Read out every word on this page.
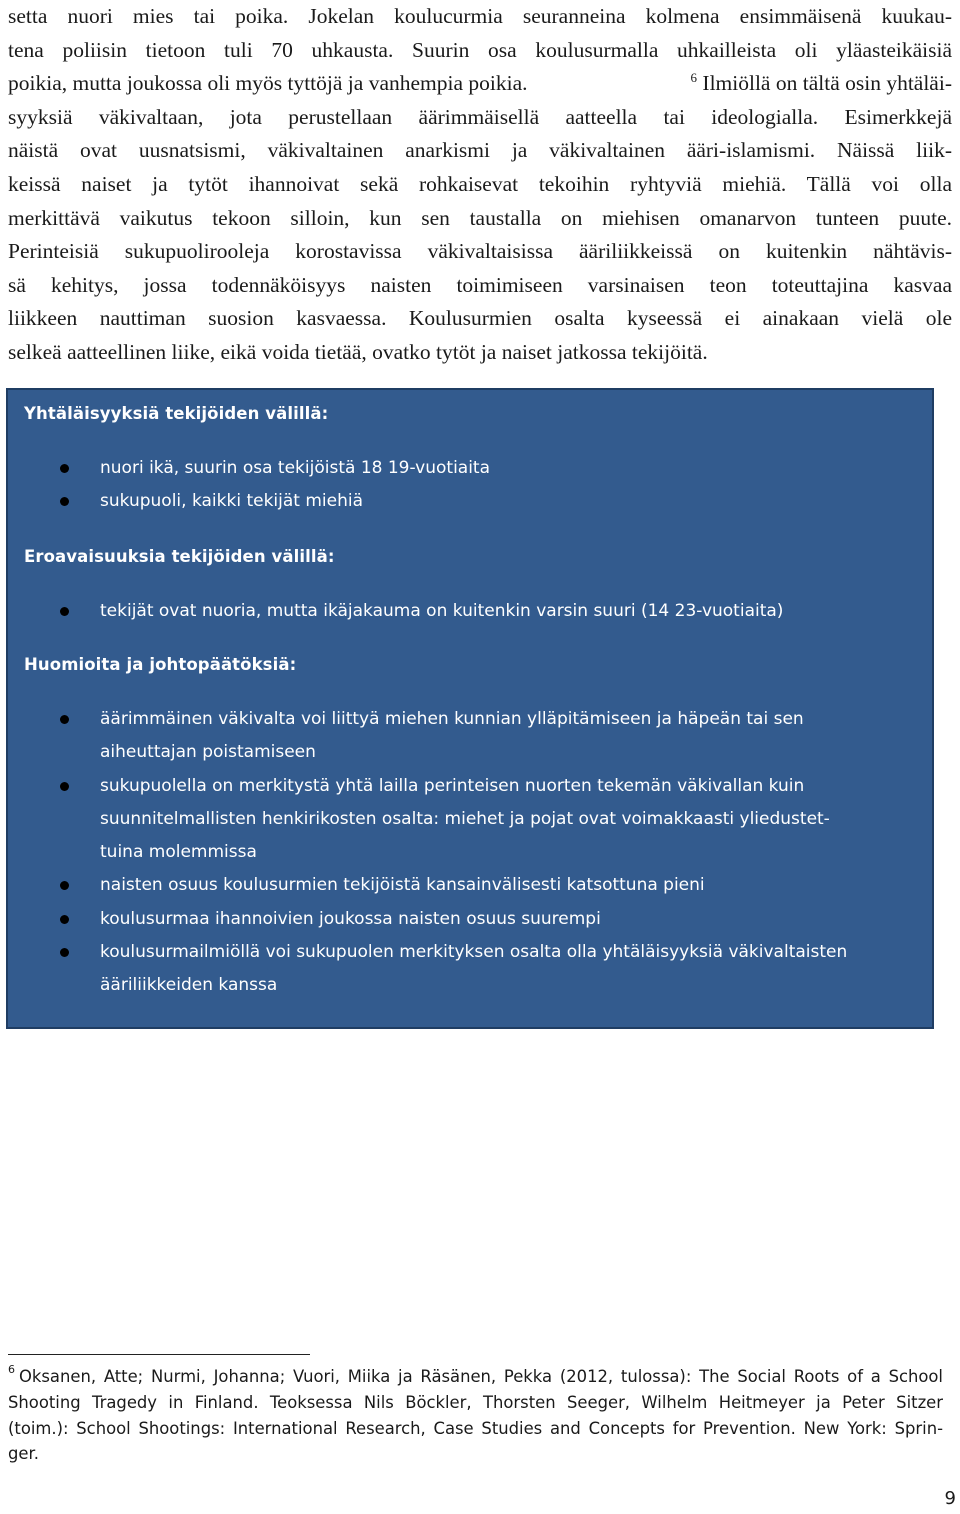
setta nuori mies tai poika. Jokelan kouluсurmia seuranneina kolmena ensimmäisenä kuukau-
tena poliisin tietoon tuli 70 uhkausta. Suurin osa koulusurmalla uhkailleista oli yläasteikäisiä
poikia, mutta joukossa oli myös tyttöjä ja vanhempia poikia.	$^6$ Ilmiöllä on tältä osin yhtäläi-
syyksiä väkivaltaan, jota perustellaan äärimmäisellä aatteella tai ideologialla. Esimerkkejä
näistä ovat uusnatsismi, väkivaltainen anarkismi ja väkivaltainen ääri-islamismi. Näissä liik-
keissä naiset ja tytöt ihannoivat sekä rohkaisevat tekoihin ryhtyviä miehiä. Tällä voi olla
merkittävä vaikutus tekoon silloin, kun sen taustalla on miehisen omanarvon tunteen puute.
Perinteisiä sukupuolirooleja korostavissa väkivaltaisissa ääriliikkeissä on kuitenkin nähtävis-
sä kehitys, jossa todennäköisyys naisten toimimiseen varsinaisen teon toteuttajina kasvaa
liikkeen nauttiman suosion kasvaessa. Koulusurmien osalta kyseessä ei ainakaan vielä ole
selkeä aatteellinen liike, eikä voida tietää, ovatko tytöt ja naiset jatkossa tekijöitä.

Yhtäläisyyksiä tekijöiden välillä:

nuori ikä, suurin osa tekijöistä 18 19-vuotiaita
sukupuoli, kaikki tekijät miehiä

Eroavaisuuksia tekijöiden välillä:

tekijät ovat nuoria, mutta ikäjakauma on kuitenkin varsin suuri (14 23-vuotiaita)

Huomioita ja johtopäätöksiä:

äärimmäinen väkivalta voi liittyä miehen kunnian ylläpitämiseen ja häpeän tai sen
aiheuttajan poistamiseen
sukupuolella on merkitystä yhtä lailla perinteisen nuorten tekemän väkivallan kuin
suunnitelmallisten henkirikosten osalta: miehet ja pojat ovat voimakkaasti yliedustet-
tuina molemmissa
naisten osuus koulusurmien tekijöistä kansainvälisesti katsottuna pieni
koulusurmaa ihannoivien joukossa naisten osuus suurempi
koulusurmailmiöllä voi sukupuolen merkityksen osalta olla yhtäläisyyksiä väkivaltaisten
ääriliikkeiden kanssa
$^6$ Oksanen, Atte; Nurmi, Johanna; Vuori, Miika ja Räsänen, Pekka (2012, tulossa): The Social Roots of a School
Shooting Tragedy in Finland. Teoksessa Nils Böckler, Thorsten Seeger, Wilhelm Heitmeyer ja Peter Sitzer
(toim.): School Shootings: International Research, Case Studies and Concepts for Prevention. New York: Sprin-
ger.
9
